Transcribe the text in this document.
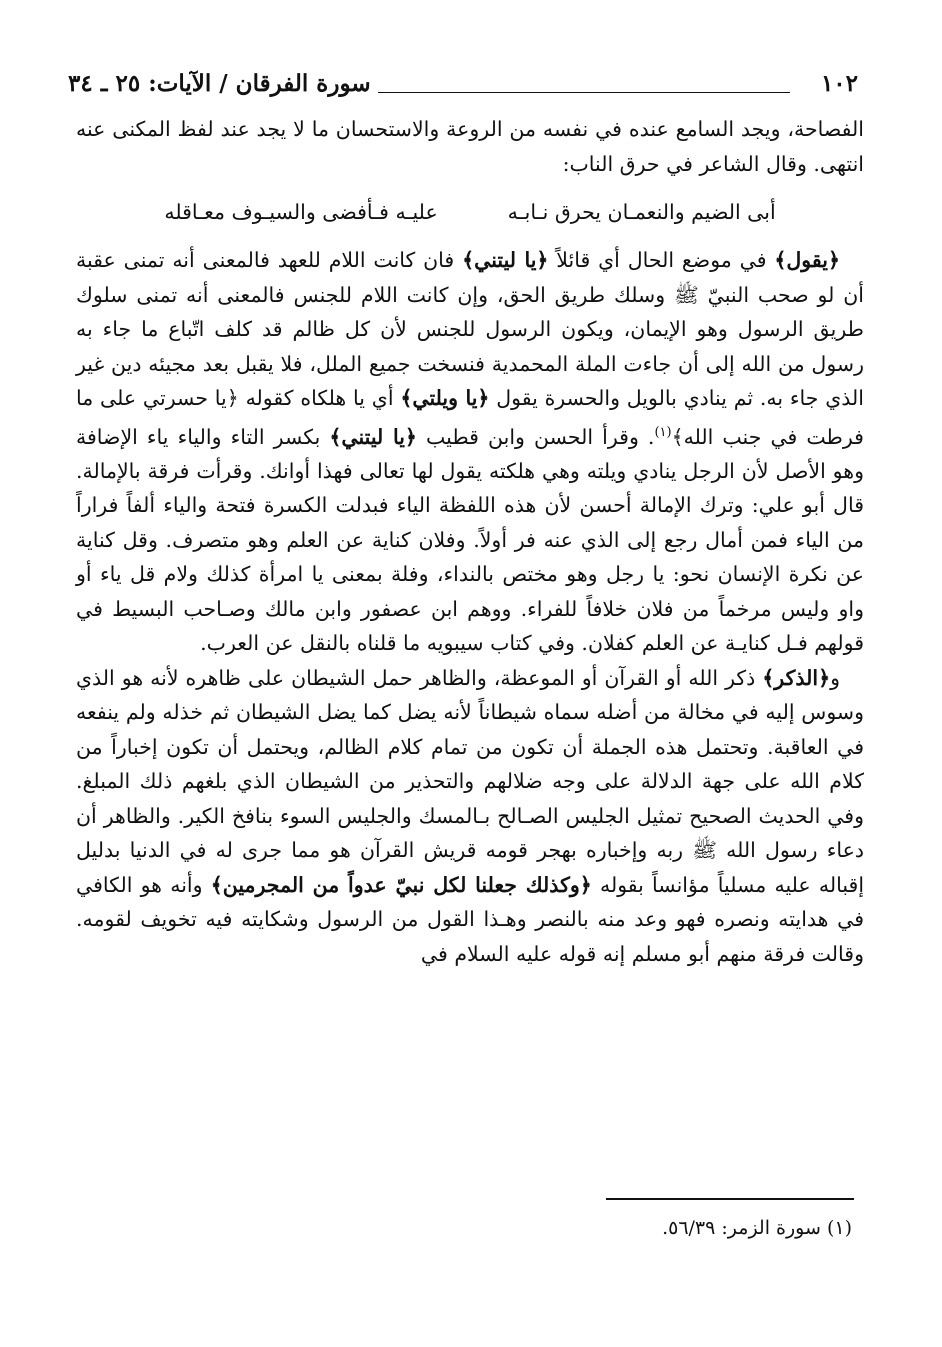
١٠٢
سورة الفرقان / الآيات: ٢٥ ـ ٣٤

الفصاحة، ويجد السامع عنده في نفسه من الروعة والاستحسان ما لا يجد عند لفظ المكنى عنه انتهى. وقال الشاعر في حرق الناب:

أبى الضيم والنعمـان يحرق نـابـه
عليـه فـأفضى والسيـوف معـاقله

﴿يقول﴾ في موضع الحال أي قائلاً ﴿يا ليتني﴾ فان كانت اللام للعهد فالمعنى أنه تمنى عقبة أن لو صحب النبيّ ﷺ وسلك طريق الحق، وإن كانت اللام للجنس فالمعنى أنه تمنى سلوك طريق الرسول وهو الإيمان، ويكون الرسول للجنس لأن كل ظالم قد كلف اتّباع ما جاء به رسول من الله إلى أن جاءت الملة المحمدية فنسخت جميع الملل، فلا يقبل بعد مجيئه دين غير الذي جاء به. ثم ينادي بالويل والحسرة يقول ﴿يا ويلتي﴾ أي يا هلكاه كقوله ﴿يا حسرتي على ما فرطت في جنب الله﴾$^{(١)}$. وقرأ الحسن وابن قطيب ﴿يا ليتني﴾ بكسر التاء والياء ياء الإضافة وهو الأصل لأن الرجل ينادي ويلته وهي هلكته يقول لها تعالى فهذا أوانك. وقرأت فرقة بالإمالة. قال أبو علي: وترك الإمالة أحسن لأن هذه اللفظة الياء فبدلت الكسرة فتحة والياء ألفاً فراراً من الياء فمن أمال رجع إلى الذي عنه فر أولاً. وفلان كناية عن العلم وهو متصرف. وقل كناية عن نكرة الإنسان نحو: يا رجل وهو مختص بالنداء، وفلة بمعنى يا امرأة كذلك ولام قل ياء أو واو وليس مرخماً من فلان خلافاً للفراء. ووهم ابن عصفور وابن مالك وصـاحب البسيط في قولهم فـل كنايـة عن العلم كفلان. وفي كتاب سيبويه ما قلناه بالنقل عن العرب.

و﴿الذكر﴾ ذكر الله أو القرآن أو الموعظة، والظاهر حمل الشيطان على ظاهره لأنه هو الذي وسوس إليه في مخالة من أضله سماه شيطاناً لأنه يضل كما يضل الشيطان ثم خذله ولم ينفعه في العاقبة. وتحتمل هذه الجملة أن تكون من تمام كلام الظالم، ويحتمل أن تكون إخباراً من كلام الله على جهة الدلالة على وجه ضلالهم والتحذير من الشيطان الذي بلغهم ذلك المبلغ. وفي الحديث الصحيح تمثيل الجليس الصـالح بـالمسك والجليس السوء بنافخ الكير. والظاهر أن دعاء رسول الله ﷺ ربه وإخباره بهجر قومه قريش القرآن هو مما جرى له في الدنيا بدليل إقباله عليه مسلياً مؤانساً بقوله ﴿وكذلك جعلنا لكل نبيّ عدواً من المجرمين﴾ وأنه هو الكافي في هدايته ونصره فهو وعد منه بالنصر وهـذا القول من الرسول وشكايته فيه تخويف لقومه. وقالت فرقة منهم أبو مسلم إنه قوله عليه السلام في

(١) سورة الزمر: ٥٦/٣٩.
